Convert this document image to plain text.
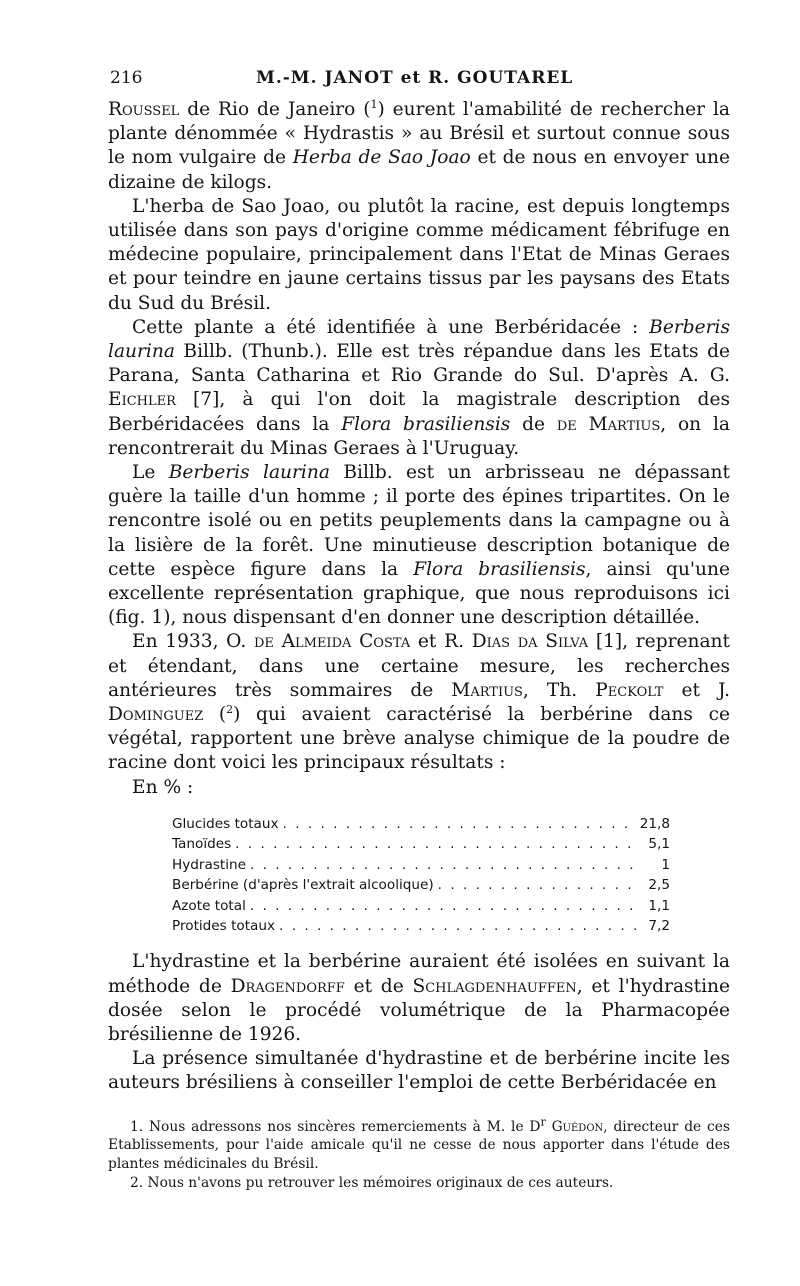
216	M.-M. JANOT et R. GOUTAREL

Roussel de Rio de Janeiro ($^1$) eurent l'amabilité de rechercher la plante dénommée « Hydrastis » au Brésil et surtout connue sous le nom vulgaire de Herba de Sao Joao et de nous en envoyer une dizaine de kilogs.

L'herba de Sao Joao, ou plutôt la racine, est depuis longtemps utilisée dans son pays d'origine comme médicament fébrifuge en médecine populaire, principalement dans l'Etat de Minas Geraes et pour teindre en jaune certains tissus par les paysans des Etats du Sud du Brésil.

Cette plante a été identifiée à une Berbéridacée : Berberis laurina Billb. (Thunb.). Elle est très répandue dans les Etats de Parana, Santa Catharina et Rio Grande do Sul. D'après A. G. Eichler [7], à qui l'on doit la magistrale description des Berbéridacées dans la Flora brasiliensis de de Martius, on la rencontrerait du Minas Geraes à l'Uruguay.

Le Berberis laurina Billb. est un arbrisseau ne dépassant guère la taille d'un homme ; il porte des épines tripartites. On le rencontre isolé ou en petits peuplements dans la campagne ou à la lisière de la forêt. Une minutieuse description botanique de cette espèce figure dans la Flora brasiliensis, ainsi qu'une excellente représentation graphique, que nous reproduisons ici (fig. 1), nous dispensant d'en donner une description détaillée.

En 1933, O. de Almeida Costa et R. Dias da Silva [1], reprenant et étendant, dans une certaine mesure, les recherches antérieures très sommaires de Martius, Th. Peckolt et J. Dominguez ($^2$) qui avaient caractérisé la berbérine dans ce végétal, rapportent une brève analyse chimique de la poudre de racine dont voici les principaux résultats :

En % :

Glucides totaux . . .	21,8
Tanoïdes . . .	5,1
Hydrastine . . .	1
Berbérine (d'après l'extrait alcoolique) . . .	2,5
Azote total . . .	1,1
Protides totaux . . .	7,2

L'hydrastine et la berbérine auraient été isolées en suivant la méthode de Dragendorff et de Schlagdenhauffen, et l'hydrastine dosée selon le procédé volumétrique de la Pharmacopée brésilienne de 1926.

La présence simultanée d'hydrastine et de berbérine incite les auteurs brésiliens à conseiller l'emploi de cette Berbéridacée en

1. Nous adressons nos sincères remerciements à M. le $D^r$ Guédon, directeur de ces Etablissements, pour l'aide amicale qu'il ne cesse de nous apporter dans l'étude des plantes médicinales du Brésil.

2. Nous n'avons pu retrouver les mémoires originaux de ces auteurs.
